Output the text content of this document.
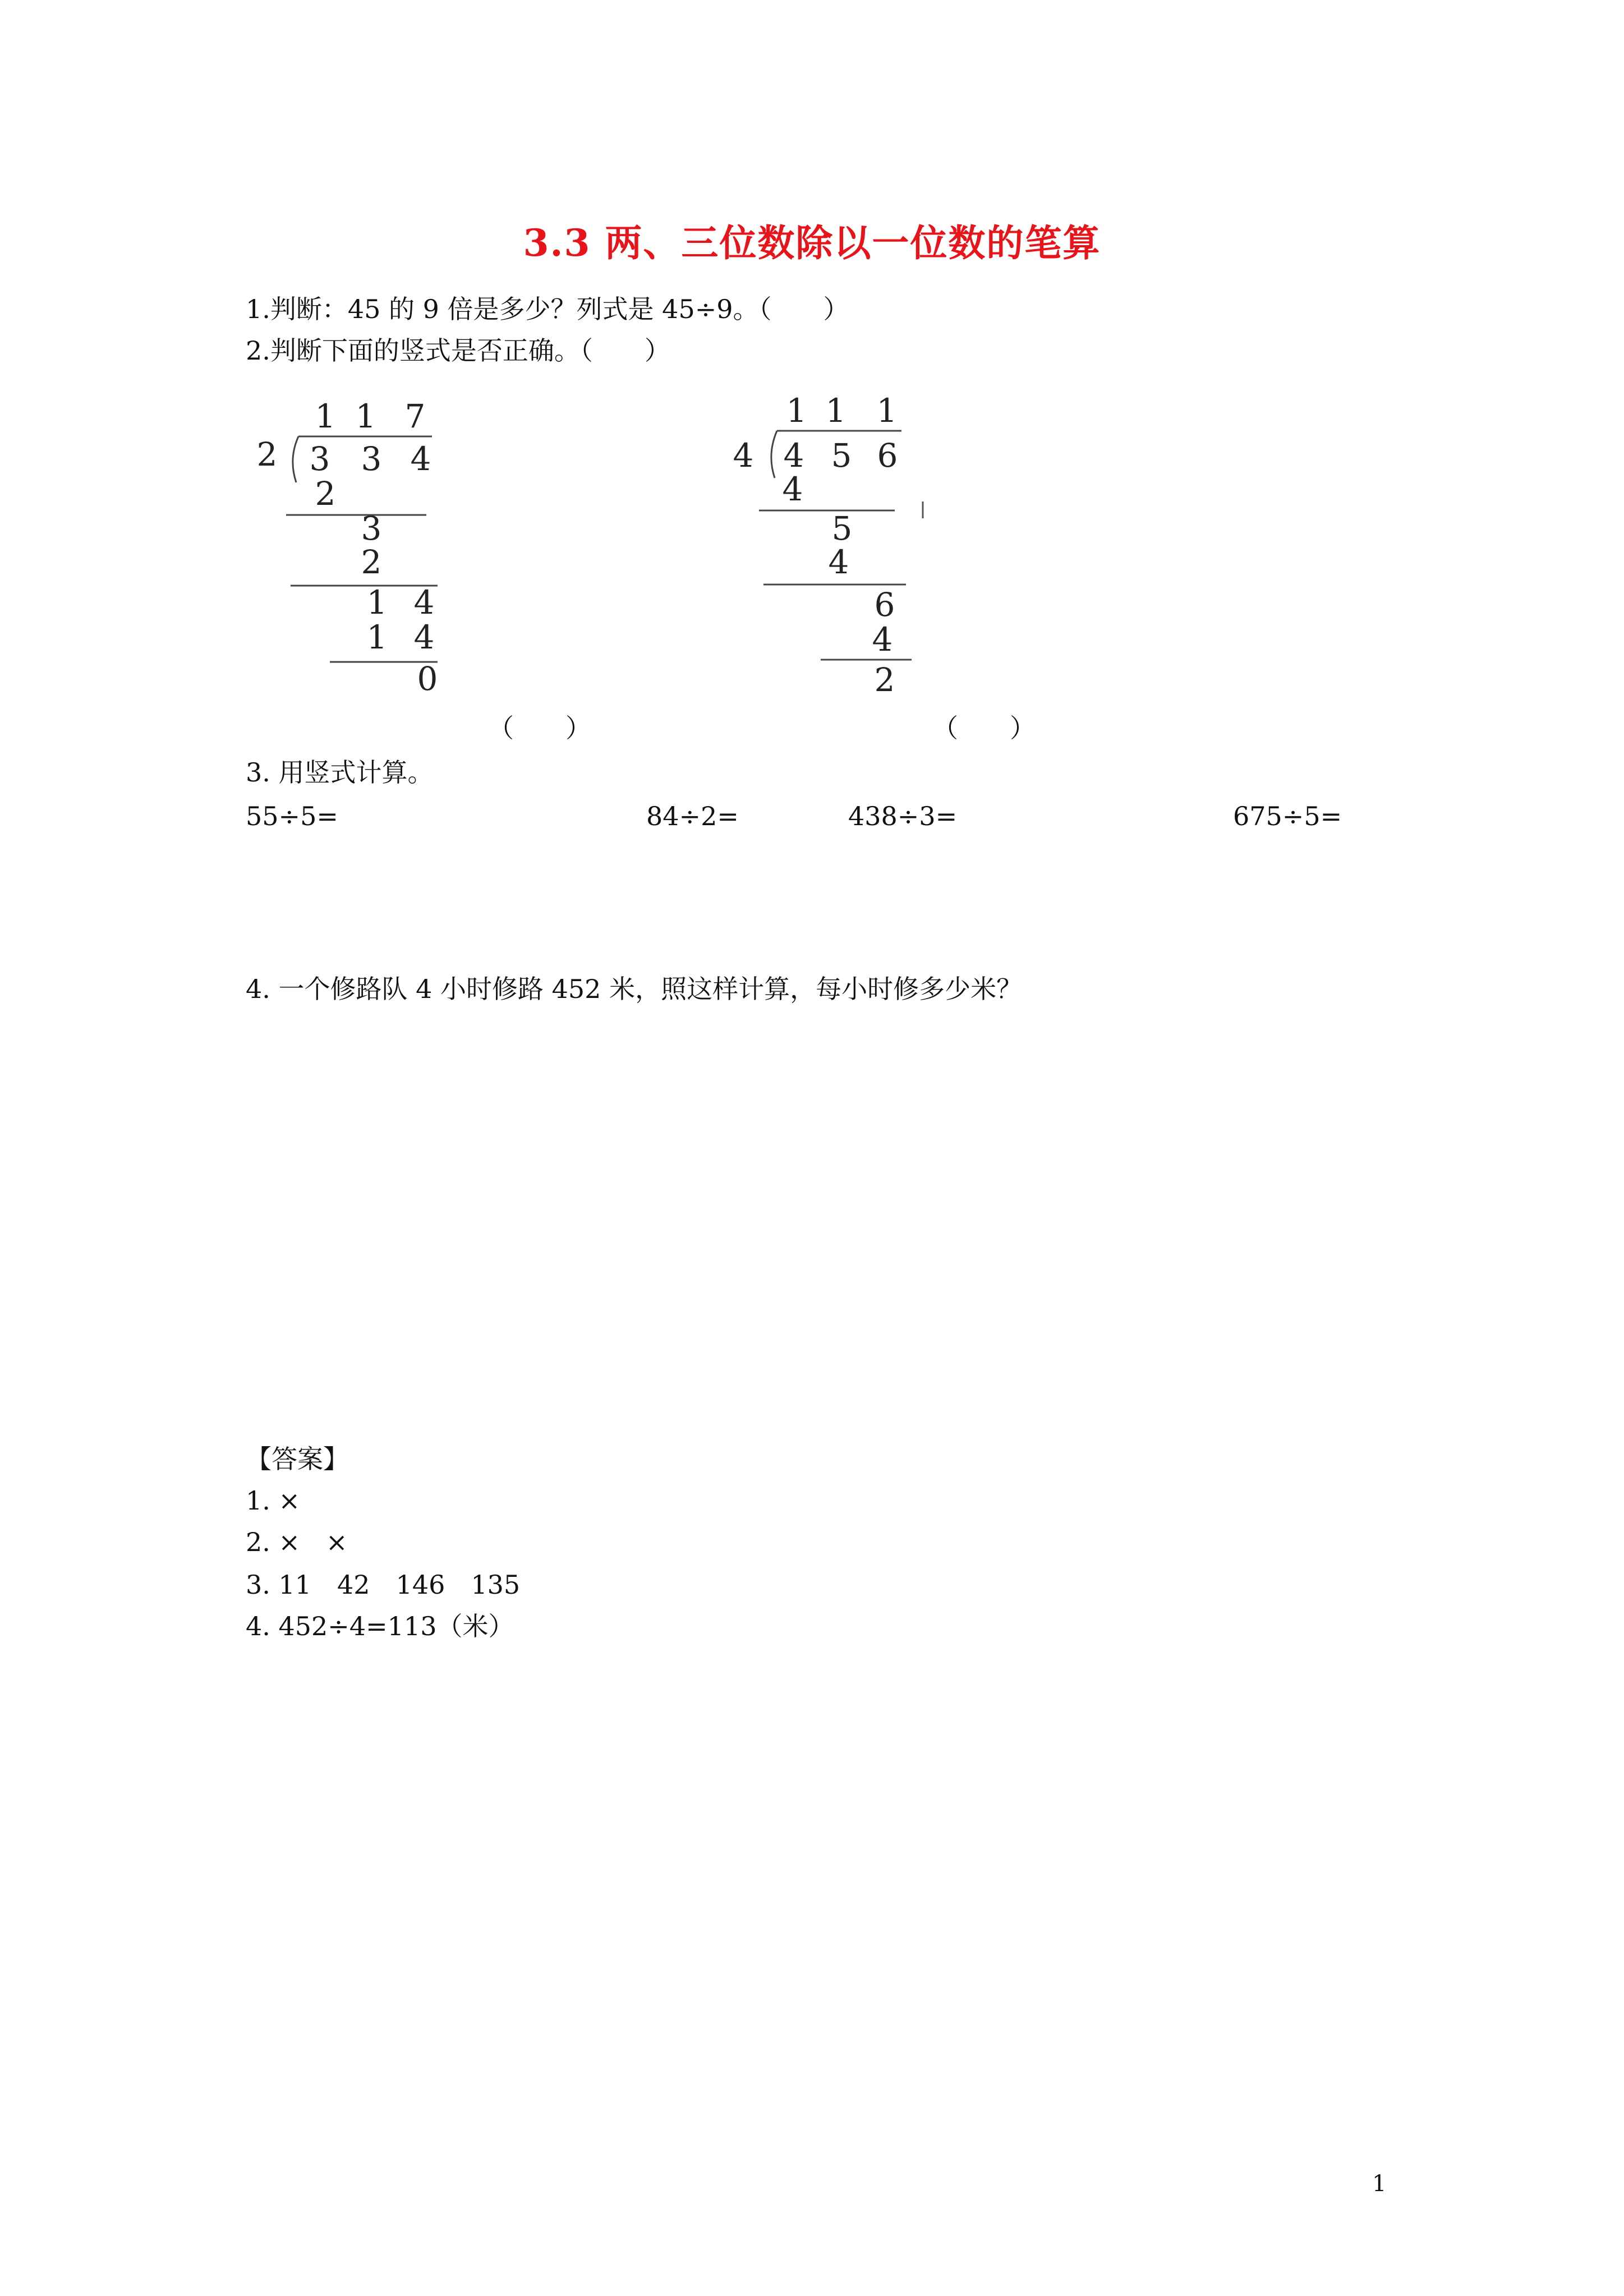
3.3 两、三位数除以一位数的笔算
1.判断：45 的 9 倍是多少？列式是 45÷9。（　　）
2.判断下面的竖式是否正确。（　　）
1 1 7
2 3 3 4
2
3
2
1 4
1 4
0
1 1 1
4 4 5 6
4
5
4
6
4
2
（　　）	（　　）
3. 用竖式计算。
55÷5=	84÷2=	438÷3=	675÷5=
4. 一个修路队 4 小时修路 452 米，照这样计算，每小时修多少米？
【答案】
1. ×
2. ×　×
3. 11　42　146　135
4. 452÷4=113（米）
1
